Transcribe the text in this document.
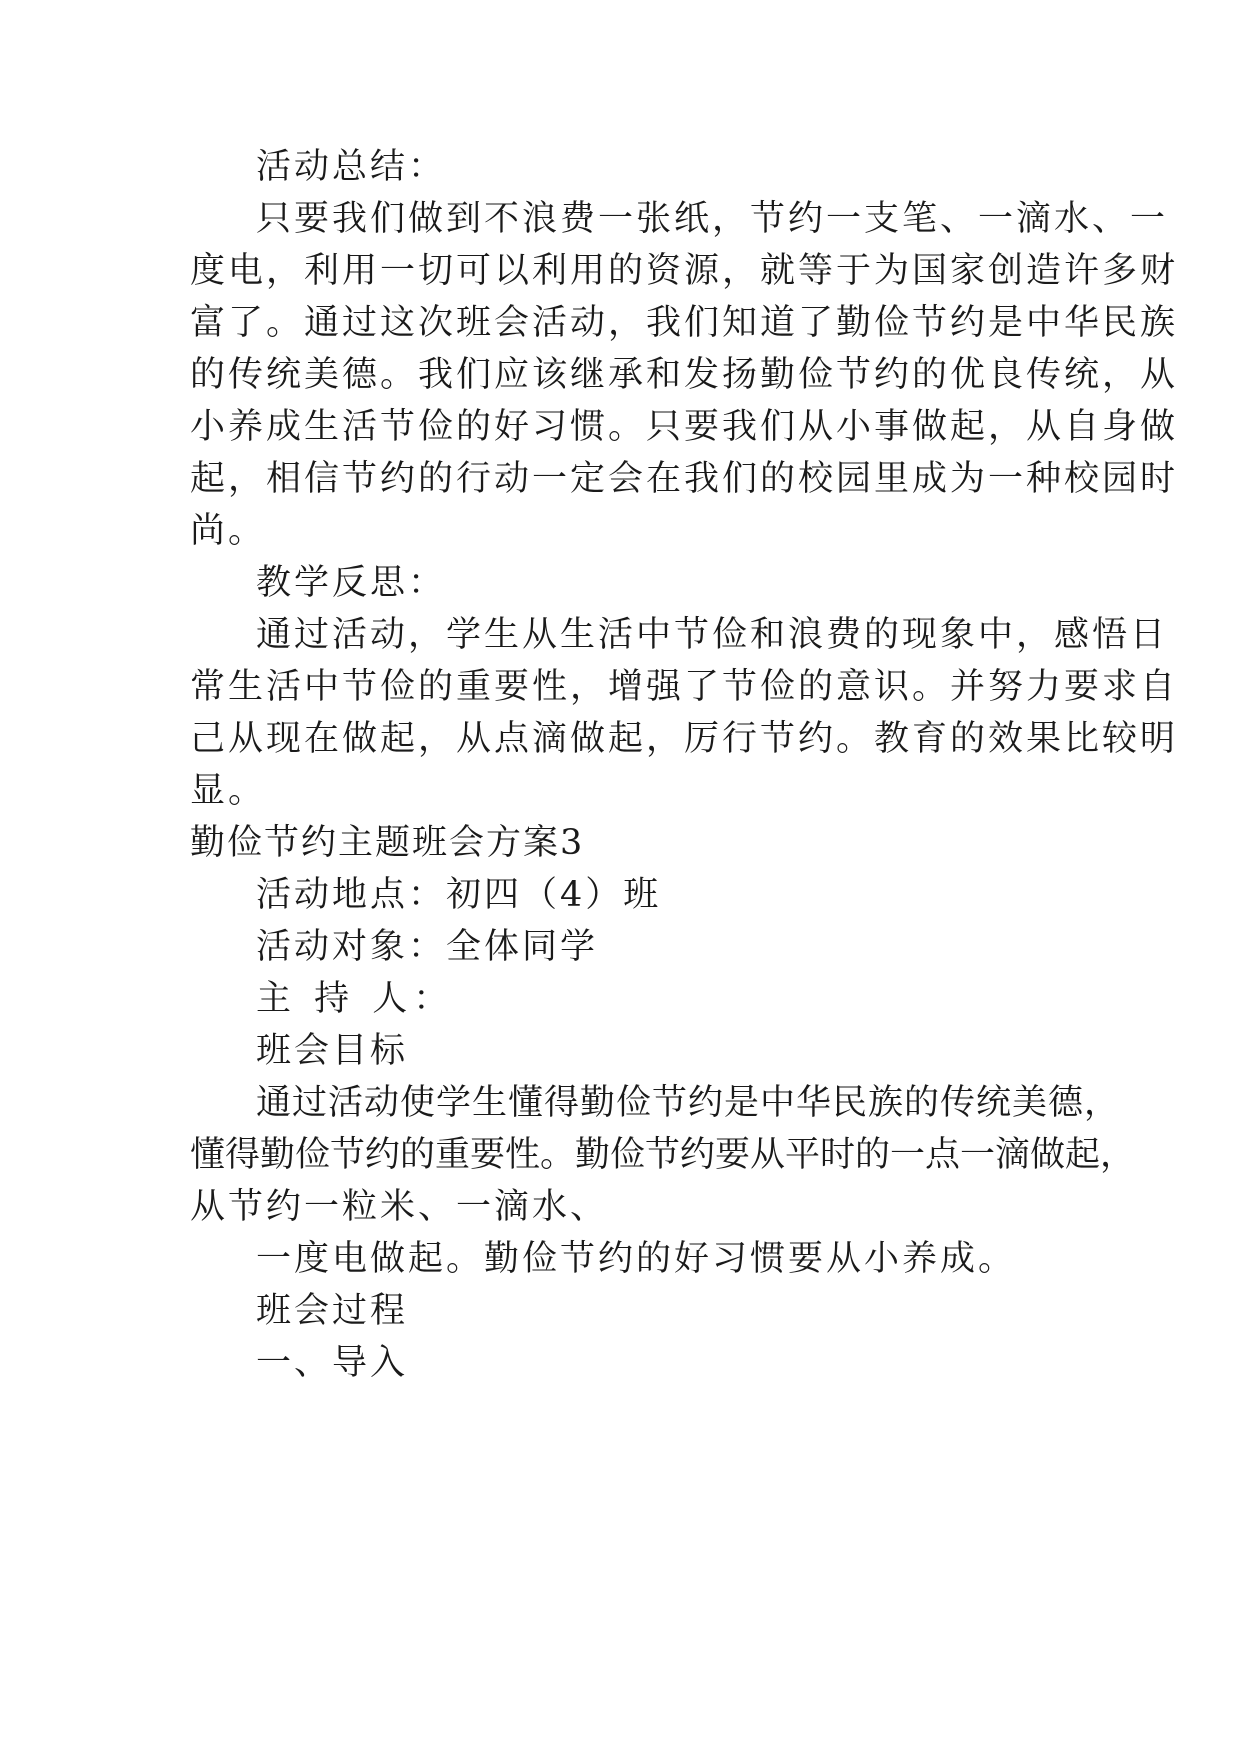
活动总结：
只要我们做到不浪费一张纸，节约一支笔、一滴水、一
度电，利用一切可以利用的资源，就等于为国家创造许多财
富了。通过这次班会活动，我们知道了勤俭节约是中华民族
的传统美德。我们应该继承和发扬勤俭节约的优良传统，从
小养成生活节俭的好习惯。只要我们从小事做起，从自身做
起，相信节约的行动一定会在我们的校园里成为一种校园时
尚。
教学反思：
通过活动，学生从生活中节俭和浪费的现象中，感悟日
常生活中节俭的重要性，增强了节俭的意识。并努力要求自
己从现在做起，从点滴做起，厉行节约。教育的效果比较明
显。
勤俭节约主题班会方案3
活动地点：初四（4）班
活动对象：全体同学
主 持 人：
班会目标
通过活动使学生懂得勤俭节约是中华民族的传统美德，
懂得勤俭节约的重要性。勤俭节约要从平时的一点一滴做起，
从节约一粒米、一滴水、
一度电做起。勤俭节约的好习惯要从小养成。
班会过程
一、导入
